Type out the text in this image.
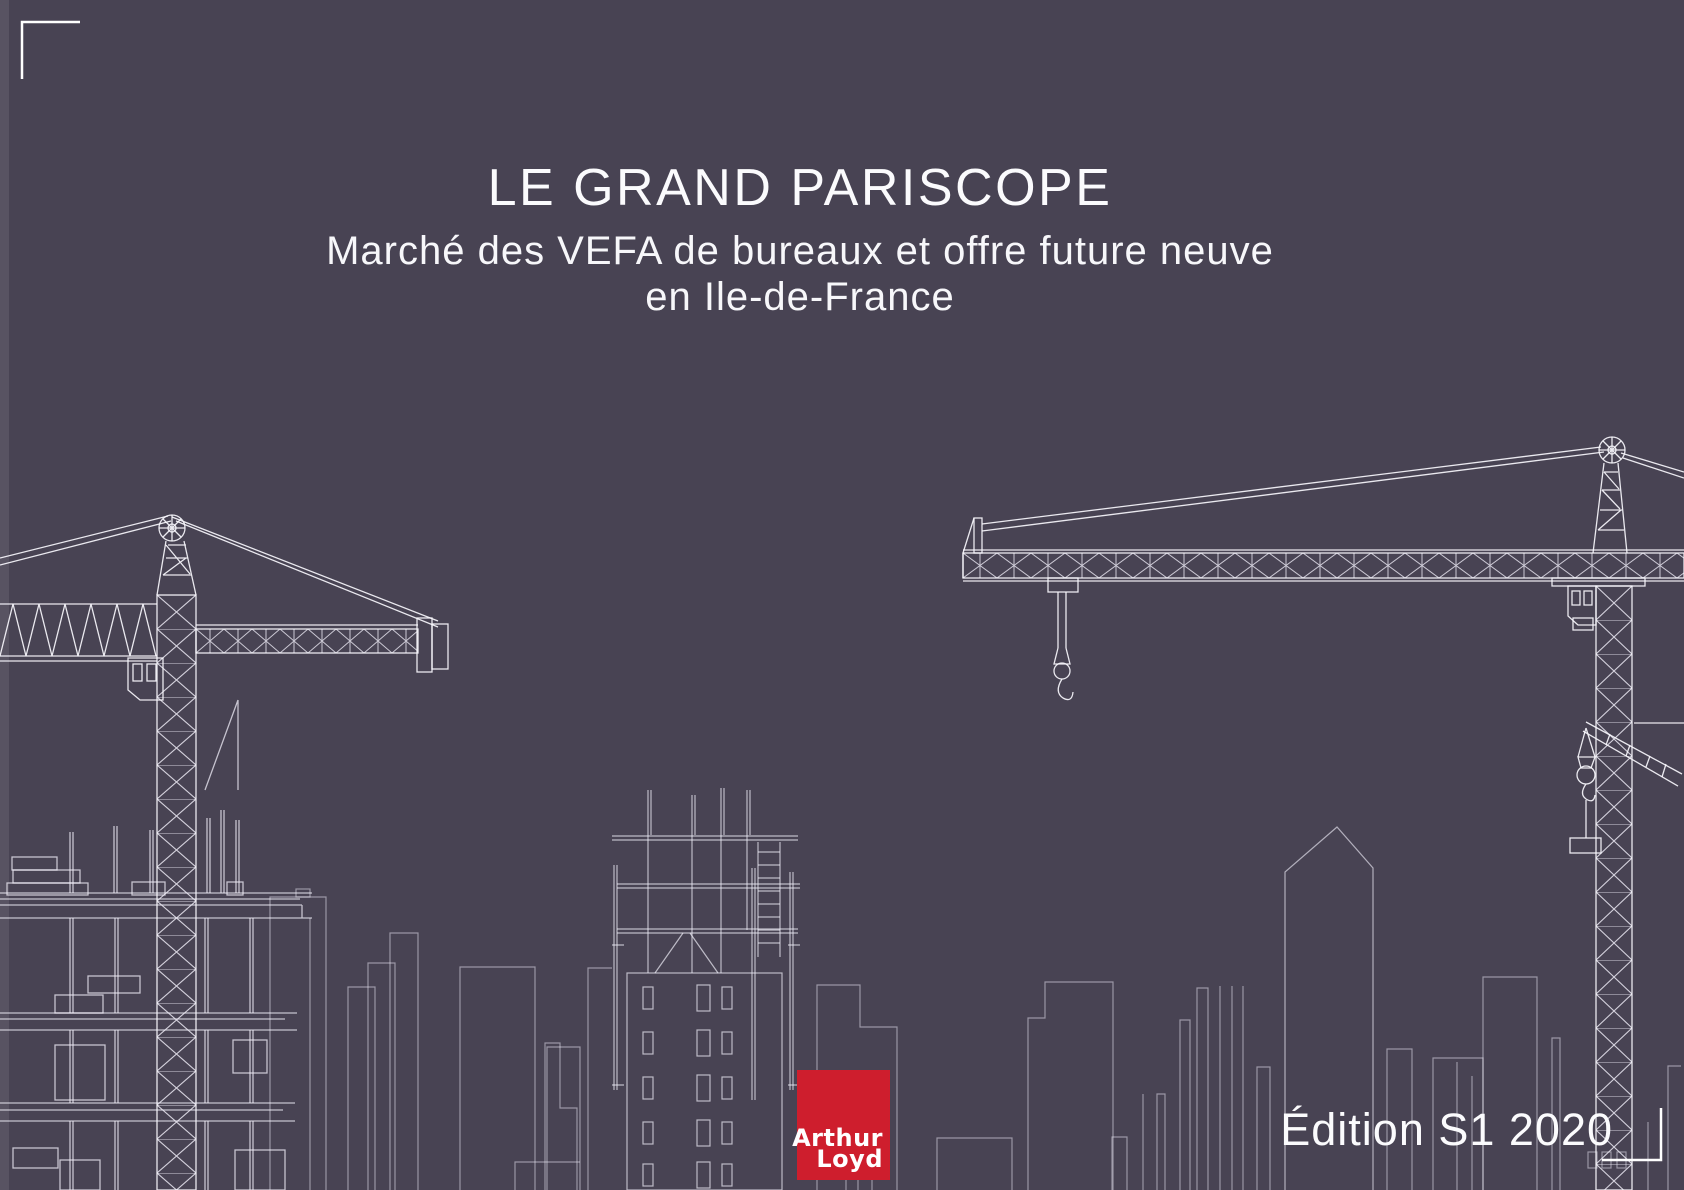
LE GRAND PARISCOPE
Marché des VEFA de bureaux et offre future neuve
en Ile-de-France
Édition S1 2020
Arthur
Loyd
